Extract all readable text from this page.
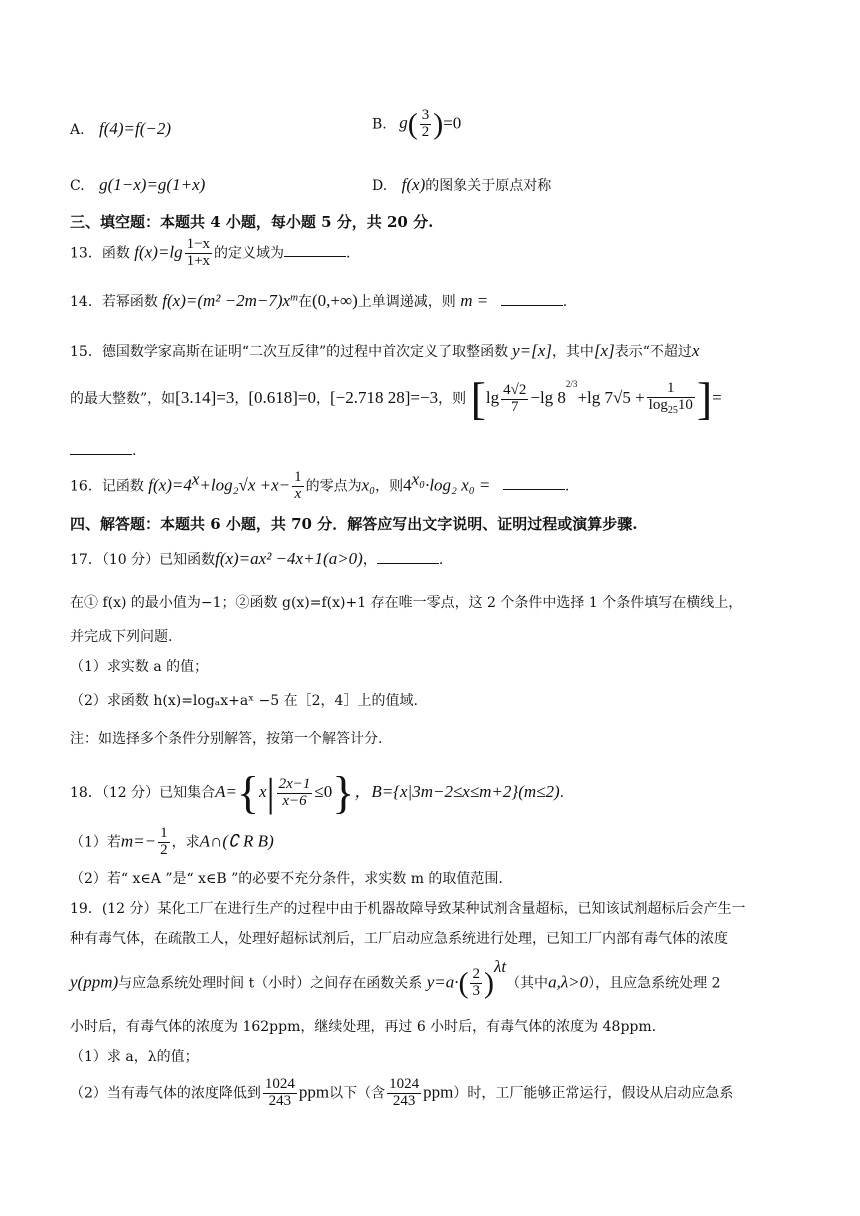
A. f(4)=f(−2)	B. $g( \frac{3}{2} )=0$
C. g(1−x)=g(1+x)	D. f(x)的图象关于原点对称
三、填空题：本题共 4 小题，每小题 5 分，共 20 分.
13．函数 $f(x)=\lg \frac{1-x}{1+x}$ 的定义域为	.
14．若幂函数 $f(x)=(m^2 -2m-7)x^m$在(0,+∞)上单调递减，则 m =	.
15．德国数学家高斯在证明“二次互反律”的过程中首次定义了取整函数 y=[x]，其中[x]表示“不超过x
的最大整数”，如[3.14]=3，[0.618]=0，[−2.718 28]=−3，则 [$\lg \frac{4√2}{7} -\lg$ $8^{2/3}+\lg$ $7√5 + \frac{1}{\log_{25}10}$ ]=
.
16．记函数 $f(x)=4^x+\log_2√x +x- \frac{1}{x}$ 的零点为x₀，则$4^{x_0}\cdot\log_2$ x₀ =	.
四、解答题：本题共 6 小题，共 70 分．解答应写出文字说明、证明过程或演算步骤.
17．（10 分）已知函数f(x)=ax² −4x+1(a>0)，	.
在① f(x) 的最小值为−1；②函数 g(x)=f(x)+1 存在唯一零点，这 2 个条件中选择 1 个条件填写在横线上，
并完成下列问题.
（1）求实数 a 的值；
（2）求函数 h(x)=logₐx+aˣ −5 在［2，4］上的值域.
注：如选择多个条件分别解答，按第一个解答计分.
18．（12 分）已知集合$A=\{x| \frac{2x-1}{x-6} \le 0\}$，B={x|3m−2≤x≤m+2}(m≤2).
（1）若$m=- \frac{1}{2}$ ，求A∩(∁ R B)
（2）若“ x∈A ”是“ x∈B ”的必要不充分条件，求实数 m 的取值范围.
19．(12 分）某化工厂在进行生产的过程中由于机器故障导致某种试剂含量超标，已知该试剂超标后会产生一
种有毒气体，在疏散工人，处理好超标试剂后，工厂启动应急系统进行处理，已知工厂内部有毒气体的浓度
y(ppm)与应急系统处理时间 t（小时）之间存在函数关系 $y=a\cdot( \frac{2}{3} )^{\lambda t}$（其中a,λ>0），且应急系统处理 2
小时后，有毒气体的浓度为 162ppm，继续处理，再过 6 小时后，有毒气体的浓度为 48ppm.
（1）求 a，λ的值；
（2）当有毒气体的浓度降低到 $\frac{1024}{243}$ ppm以下（含 $\frac{1024}{243} ppm$）时，工厂能够正常运行，假设从启动应急系
